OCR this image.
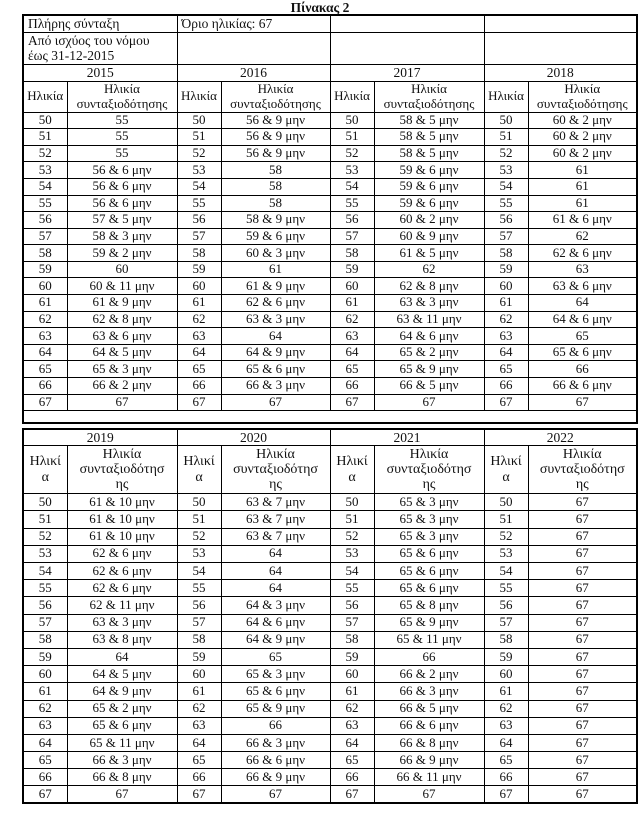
Πίνακας 2
Πλήρης σύνταξη		Όριο ηλικίας: 67					
Από ισχύος του νόμου έως 31-12-2015							
2015		2016		2017		2018	
Ηλικία	Ηλικία συνταξιοδότησης	Ηλικία	Ηλικία συνταξιοδότησης	Ηλικία	Ηλικία συνταξιοδότησης	Ηλικία	Ηλικία συνταξιοδότησης
50	55	50	56 & 9 μην	50	58 & 5 μην	50	60 & 2 μην
51	55	51	56 & 9 μην	51	58 & 5 μην	51	60 & 2 μην
52	55	52	56 & 9 μην	52	58 & 5 μην	52	60 & 2 μην
53	56 & 6 μην	53	58	53	59 & 6 μην	53	61
54	56 & 6 μην	54	58	54	59 & 6 μην	54	61
55	56 & 6 μην	55	58	55	59 & 6 μην	55	61
56	57 & 5 μην	56	58 & 9 μην	56	60 & 2 μην	56	61 & 6 μην
57	58 & 3 μην	57	59 & 6 μην	57	60 & 9 μην	57	62
58	59 & 2 μην	58	60 & 3 μην	58	61 & 5 μην	58	62 & 6 μην
59	60	59	61	59	62	59	63
60	60 & 11 μην	60	61 & 9 μην	60	62 & 8 μην	60	63 & 6 μην
61	61 & 9 μην	61	62 & 6 μην	61	63 & 3 μην	61	64
62	62 & 8 μην	62	63 & 3 μην	62	63 & 11 μην	62	64 & 6 μην
63	63 & 6 μην	63	64	63	64 & 6 μην	63	65
64	64 & 5 μην	64	64 & 9 μην	64	65 & 2 μην	64	65 & 6 μην
65	65 & 3 μην	65	65 & 6 μην	65	65 & 9 μην	65	66
66	66 & 2 μην	66	66 & 3 μην	66	66 & 5 μην	66	66 & 6 μην
67	67	67	67	67	67	67	67

2019		2020		2021		2022	
Ηλικία	Ηλικία συνταξιοδότησης	Ηλικία	Ηλικία συνταξιοδότησης	Ηλικία	Ηλικία συνταξιοδότησης	Ηλικία	Ηλικία συνταξιοδότησης
50	61 & 10 μην	50	63 & 7 μην	50	65 & 3 μην	50	67
51	61 & 10 μην	51	63 & 7 μην	51	65 & 3 μην	51	67
52	61 & 10 μην	52	63 & 7 μην	52	65 & 3 μην	52	67
53	62 & 6 μην	53	64	53	65 & 6 μην	53	67
54	62 & 6 μην	54	64	54	65 & 6 μην	54	67
55	62 & 6 μην	55	64	55	65 & 6 μην	55	67
56	62 & 11 μην	56	64 & 3 μην	56	65 & 8 μην	56	67
57	63 & 3 μην	57	64 & 6 μην	57	65 & 9 μην	57	67
58	63 & 8 μην	58	64 & 9 μην	58	65 & 11 μην	58	67
59	64	59	65	59	66	59	67
60	64 & 5 μην	60	65 & 3 μην	60	66 & 2 μην	60	67
61	64 & 9 μην	61	65 & 6 μην	61	66 & 3 μην	61	67
62	65 & 2 μην	62	65 & 9 μην	62	66 & 5 μην	62	67
63	65 & 6 μην	63	66	63	66 & 6 μην	63	67
64	65 & 11 μην	64	66 & 3 μην	64	66 & 8 μην	64	67
65	66 & 3 μην	65	66 & 6 μην	65	66 & 9 μην	65	67
66	66 & 8 μην	66	66 & 9 μην	66	66 & 11 μην	66	67
67	67	67	67	67	67	67	67
